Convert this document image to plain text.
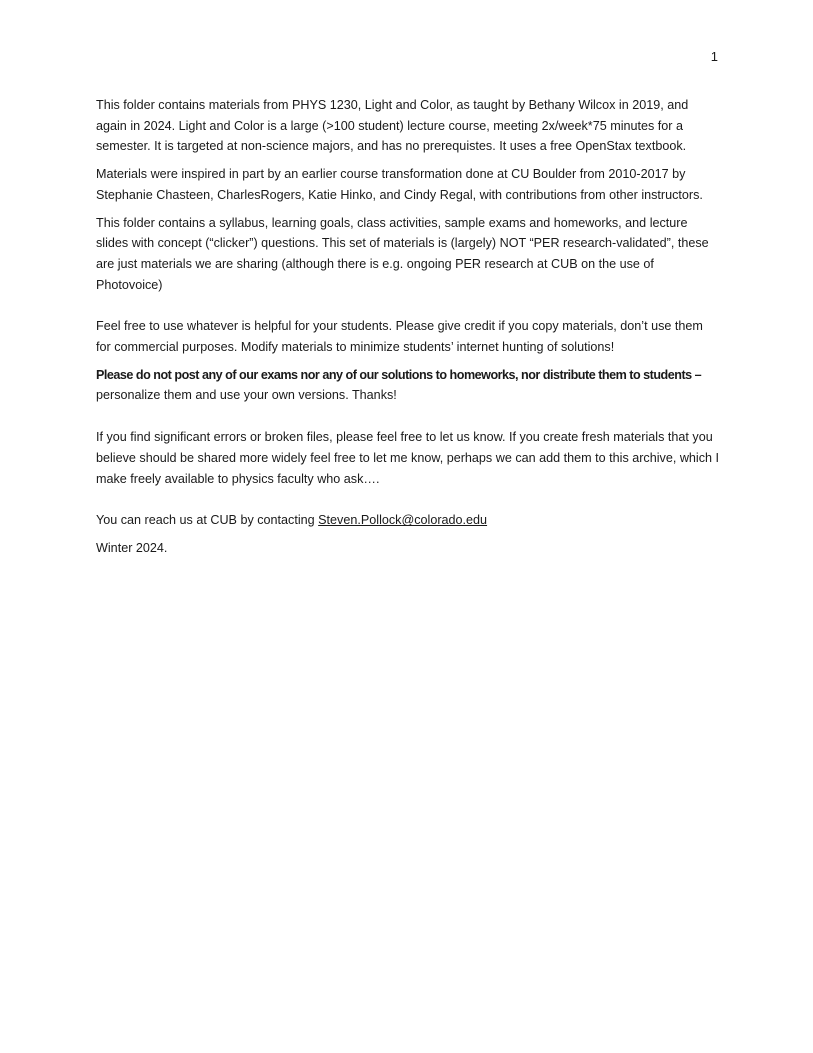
1

This folder contains materials from PHYS 1230, Light and Color, as taught by Bethany Wilcox in 2019, and again in 2024. Light and Color is a large (>100 student) lecture course, meeting 2x/week*75 minutes for a semester. It is targeted at non-science majors, and has no prerequistes. It uses a free OpenStax textbook.

Materials were inspired in part by an earlier course transformation done at CU Boulder from 2010-2017 by Stephanie Chasteen, CharlesRogers, Katie Hinko, and Cindy Regal, with contributions from other instructors.

This folder contains a syllabus, learning goals, class activities, sample exams and homeworks, and lecture slides with concept (“clicker”) questions. This set of materials is (largely) NOT “PER research-validated”, these are just materials we are sharing (although there is e.g. ongoing PER research at CUB on the use of Photovoice)

Feel free to use whatever is helpful for your students. Please give credit if you copy materials, don’t use them for commercial purposes. Modify materials to minimize students’ internet hunting of solutions!

Please do not post any of our exams nor any of our solutions to homeworks, nor distribute them to students – personalize them and use your own versions. Thanks!

If you find significant errors or broken files, please feel free to let us know. If you create fresh materials that you believe should be shared more widely feel free to let me know, perhaps we can add them to this archive, which I make freely available to physics faculty who ask….

You can reach us at CUB by contacting Steven.Pollock@colorado.edu

Winter 2024.
